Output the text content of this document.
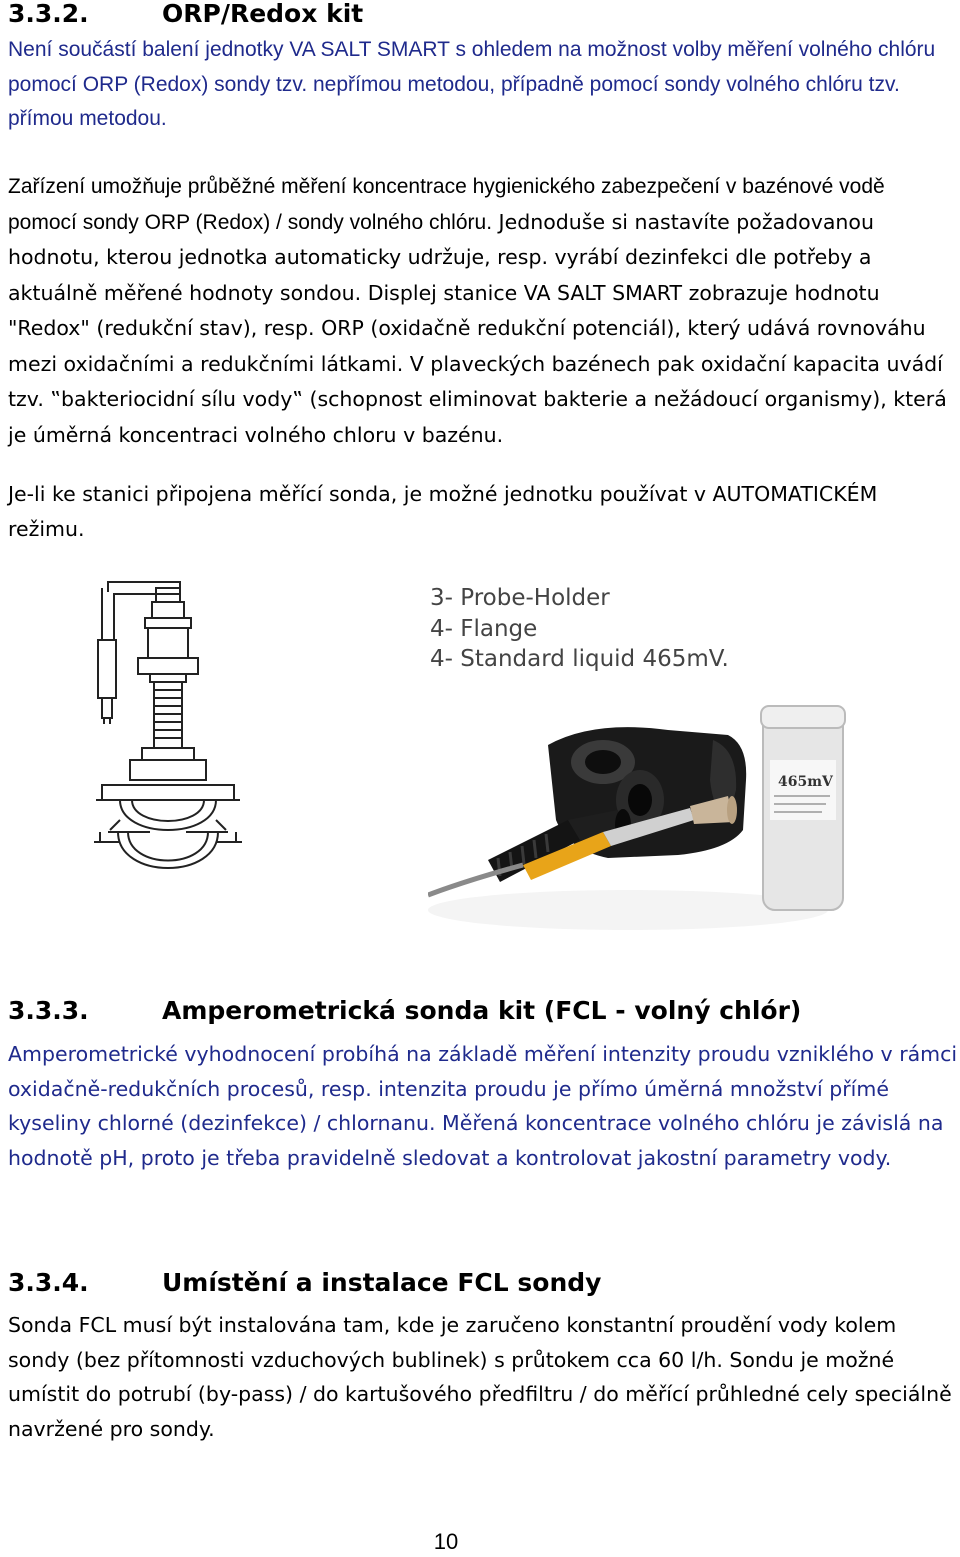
3.3.2.	ORP/Redox kit

Není součástí balení jednotky VA SALT SMART s ohledem na možnost volby měření volného chlóru pomocí ORP (Redox) sondy tzv. nepřímou metodou, případně pomocí sondy volného chlóru tzv. přímou metodou.

Zařízení umožňuje průběžné měření koncentrace hygienického zabezpečení v bazénové vodě pomocí sondy ORP (Redox) / sondy volného chlóru. Jednoduše si nastavíte požadovanou hodnotu, kterou jednotka automaticky udržuje, resp. vyrábí dezinfekci dle potřeby a aktuálně měřené hodnoty sondou. Displej stanice VA SALT SMART zobrazuje hodnotu "Redox" (redukční stav), resp. ORP (oxidačně redukční potenciál), který udává rovnováhu mezi oxidačními a redukčními látkami. V plaveckých bazénech pak oxidační kapacita uvádí tzv. ‟bakteriocidní sílu vody‟ (schopnost eliminovat bakterie a nežádoucí organismy), která je úměrná koncentraci volného chloru v bazénu.

Je-li ke stanici připojena měřící sonda, je možné jednotku používat v AUTOMATICKÉM režimu.

3- Probe-Holder
4- Flange
4- Standard liquid 465mV.
465mV
3.3.3.	Amperometrická sonda kit (FCL - volný chlór)

Amperometrické vyhodnocení probíhá na základě měření intenzity proudu vzniklého v rámci oxidačně-redukčních procesů, resp. intenzita proudu je přímo úměrná množství přímé kyseliny chlorné (dezinfekce) / chlornanu. Měřená koncentrace volného chlóru je závislá na hodnotě pH, proto je třeba pravidelně sledovat a kontrolovat jakostní parametry vody.

3.3.4.	Umístění a instalace FCL sondy

Sonda FCL musí být instalována tam, kde je zaručeno konstantní proudění vody kolem sondy (bez přítomnosti vzduchových bublinek) s průtokem cca 60 l/h. Sondu je možné umístit do potrubí (by-pass) / do kartušového předfiltru / do měřící průhledné cely speciálně navržené pro sondy.

10
